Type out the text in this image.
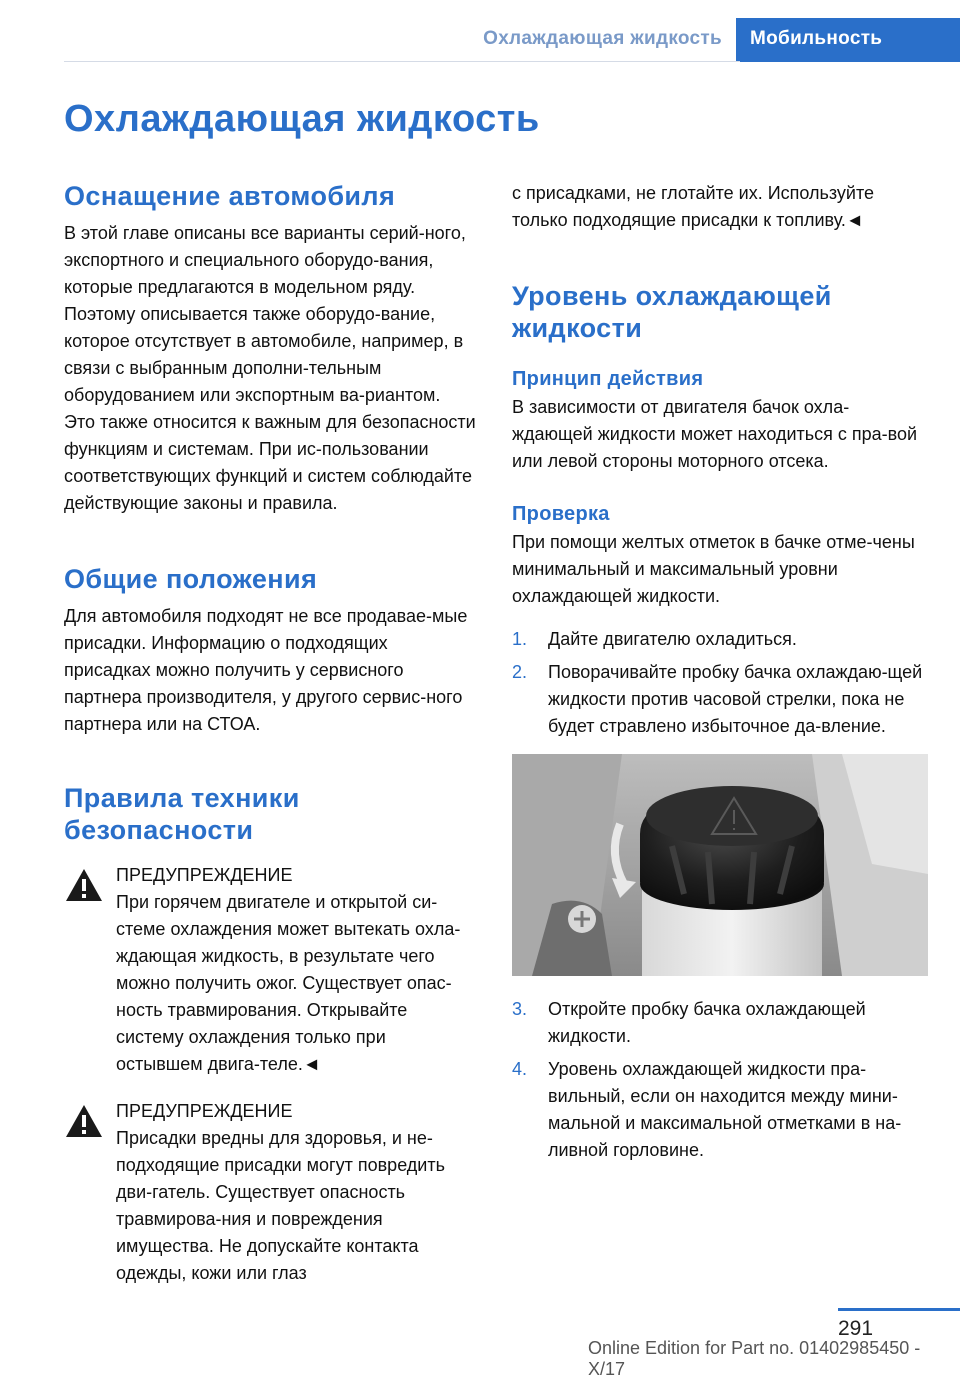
Охлаждающая жидкость	Мобильность
Охлаждающая жидкость
Оснащение автомобиля

В этой главе описаны все варианты серий-ного, экспортного и специального оборудо-вания, которые предлагаются в модельном ряду. Поэтому описывается также оборудо-вание, которое отсутствует в автомобиле, например, в связи с выбранным дополни-тельным оборудованием или экспортным ва-риантом. Это также относится к важным для безопасности функциям и системам. При ис-пользовании соответствующих функций и систем соблюдайте действующие законы и правила.

Общие положения

Для автомобиля подходят не все продавае-мые присадки. Информацию о подходящих присадках можно получить у сервисного партнера производителя, у другого сервис-ного партнера или на СТОА.

Правила техники безопасности
ПРЕДУПРЕЖДЕНИЕ

При горячем двигателе и открытой си-стеме охлаждения может вытекать охла-ждающая жидкость, в результате чего можно получить ожог. Существует опас-ность травмирования. Открывайте систему охлаждения только при остывшем двига-теле.◄

ПРЕДУПРЕЖДЕНИЕ

Присадки вредны для здоровья, и не-подходящие присадки могут повредить дви-гатель. Существует опасность травмирова-ния и повреждения имущества. Не допускайте контакта одежды, кожи или глаз

с присадками, не глотайте их. Используйте только подходящие присадки к топливу.◄

Уровень охлаждающей жидкости
Принцип действия

В зависимости от двигателя бачок охла-ждающей жидкости может находиться с пра-вой или левой стороны моторного отсека.

Проверка

При помощи желтых отметок в бачке отме-чены минимальный и максимальный уровни охлаждающей жидкости.

1. Дайте двигателю охладиться.
2. Поворачивайте пробку бачка охлаждаю-щей жидкости против часовой стрелки, пока не будет стравлено избыточное да-вление.
3. Откройте пробку бачка охлаждающей жидкости.
4. Уровень охлаждающей жидкости пра-вильный, если он находится между мини-мальной и максимальной отметками в на-ливной горловине.
291
Online Edition for Part no. 01402985450 - X/17
